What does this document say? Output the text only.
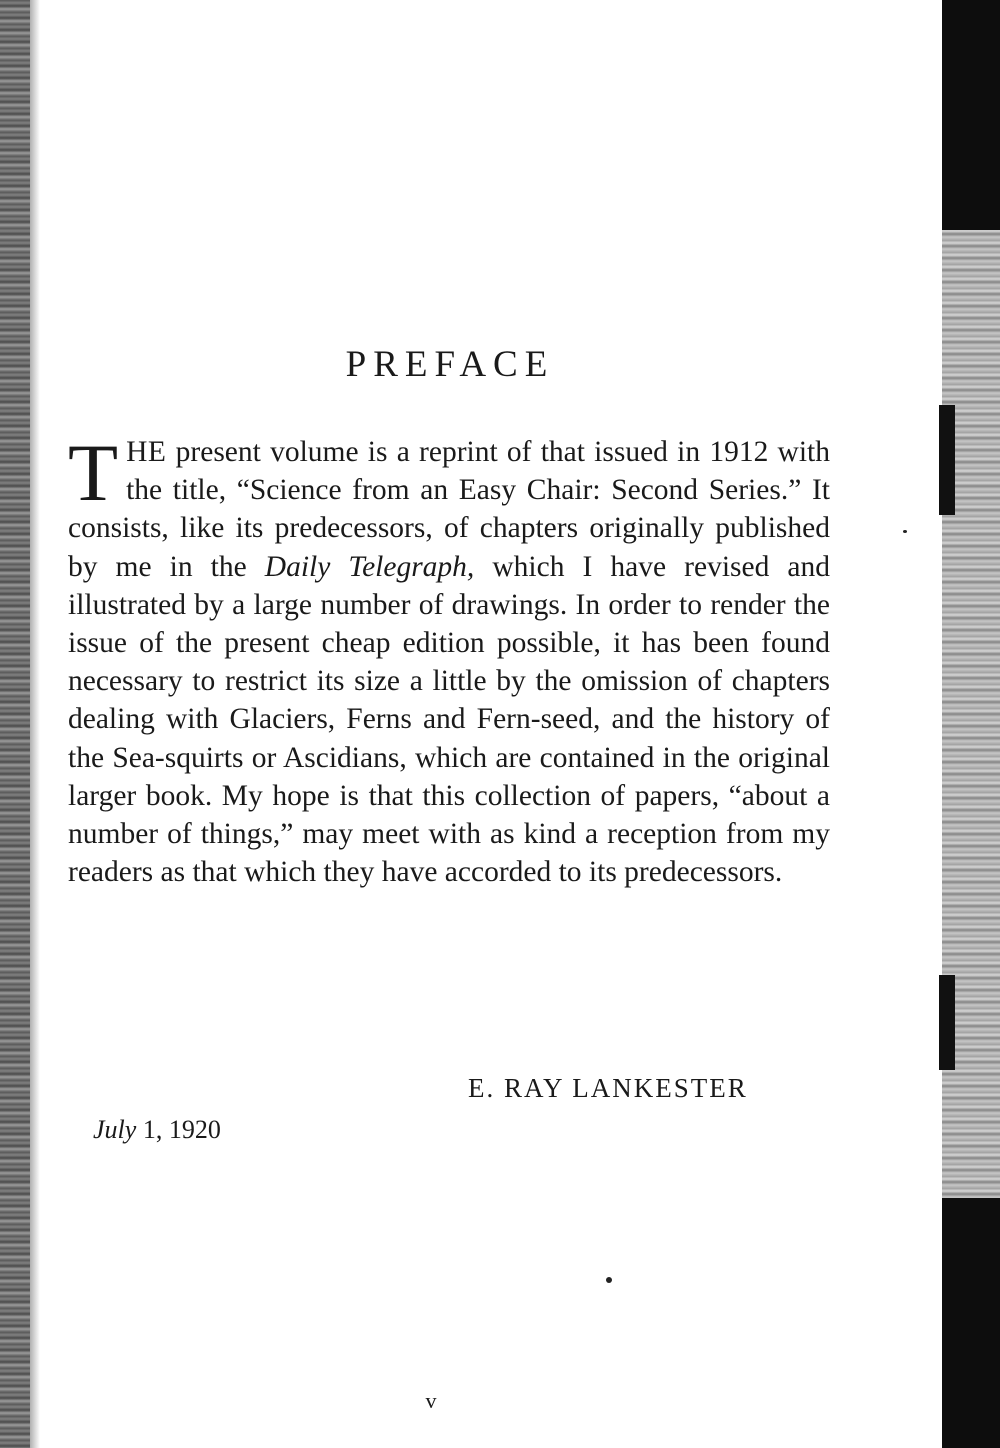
PREFACE

THE present volume is a reprint of that issued in 1912 with the title, “Science from an Easy Chair: Second Series.” It consists, like its predecessors, of chapters originally published by me in the Daily Telegraph, which I have revised and illustrated by a large number of drawings. In order to render the issue of the present cheap edition possible, it has been found necessary to restrict its size a little by the omission of chapters dealing with Glaciers, Ferns and Fern-seed, and the history of the Sea-squirts or Ascidians, which are contained in the original larger book. My hope is that this collection of papers, “about a number of things,” may meet with as kind a reception from my readers as that which they have accorded to its predecessors.

E. RAY LANKESTER

July 1, 1920

v
